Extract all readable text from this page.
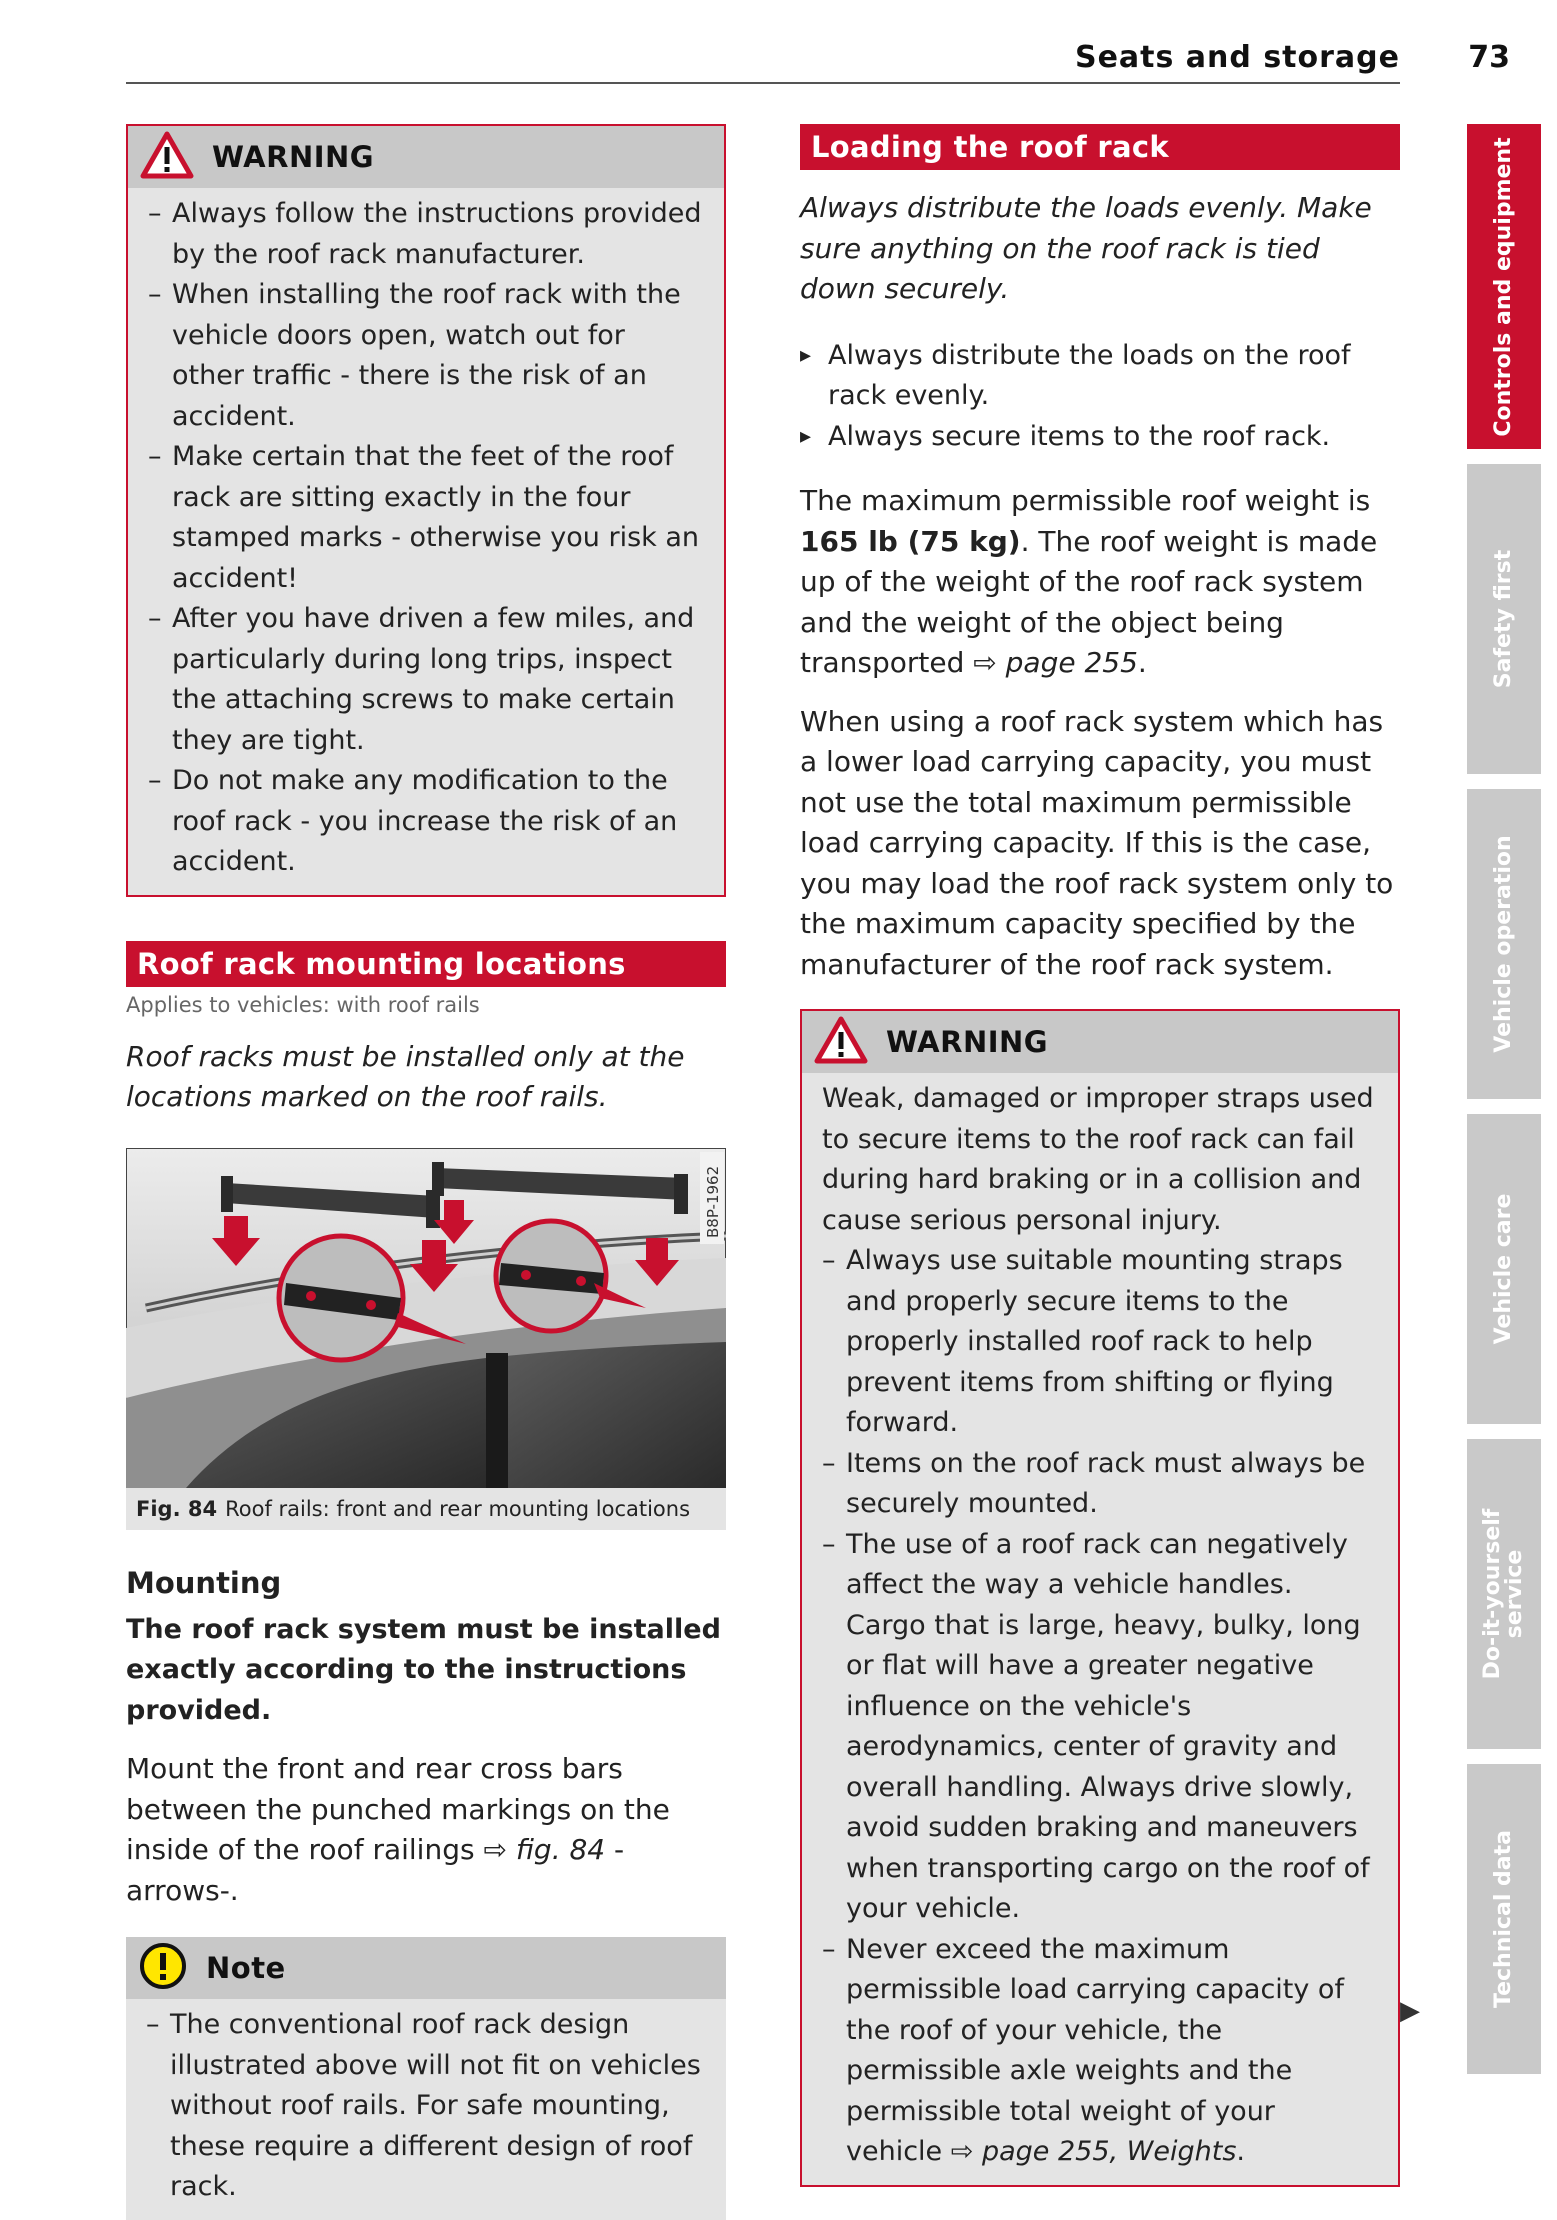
Seats and storage	73
WARNING
– Always follow the instructions provided by the roof rack manufacturer.
– When installing the roof rack with the vehicle doors open, watch out for other traffic - there is the risk of an accident.
– Make certain that the feet of the roof rack are sitting exactly in the four stamped marks - otherwise you risk an accident!
– After you have driven a few miles, and particularly during long trips, inspect the attaching screws to make certain they are tight.
– Do not make any modification to the roof rack - you increase the risk of an accident.
Roof rack mounting locations
Applies to vehicles: with roof rails

Roof racks must be installed only at the locations marked on the roof rails.

B8P-1962
Fig. 84 Roof rails: front and rear mounting locations
Mounting

The roof rack system must be installed exactly according to the instructions provided.

Mount the front and rear cross bars between the punched markings on the inside of the roof railings ⇨ fig. 84 -arrows-.

Note
– The conventional roof rack design illustrated above will not fit on vehicles without roof rails. For safe mounting, these require a different design of roof rack.
Loading the roof rack

Always distribute the loads evenly. Make sure anything on the roof rack is tied down securely.

▸ Always distribute the loads on the roof rack evenly.
▸ Always secure items to the roof rack.

The maximum permissible roof weight is 165 lb (75 kg). The roof weight is made up of the weight of the roof rack system and the weight of the object being transported ⇨ page 255.

When using a roof rack system which has a lower load carrying capacity, you must not use the total maximum permissible load carrying capacity. If this is the case, you may load the roof rack system only to the maximum capacity specified by the manufacturer of the roof rack system.

WARNING

Weak, damaged or improper straps used to secure items to the roof rack can fail during hard braking or in a collision and cause serious personal injury.

– Always use suitable mounting straps and properly secure items to the properly installed roof rack to help prevent items from shifting or flying forward.
– Items on the roof rack must always be securely mounted.
– The use of a roof rack can negatively affect the way a vehicle handles. Cargo that is large, heavy, bulky, long or flat will have a greater negative influence on the vehicle's aerodynamics, center of gravity and overall handling. Always drive slowly, avoid sudden braking and maneuvers when transporting cargo on the roof of your vehicle.
– Never exceed the maximum permissible load carrying capacity of the roof of your vehicle, the permissible axle weights and the permissible total weight of your vehicle ⇨ page 255, Weights.
▶
Controls and equipment
Safety first
Vehicle operation
Vehicle care
Do-it-yourself service
Technical data
